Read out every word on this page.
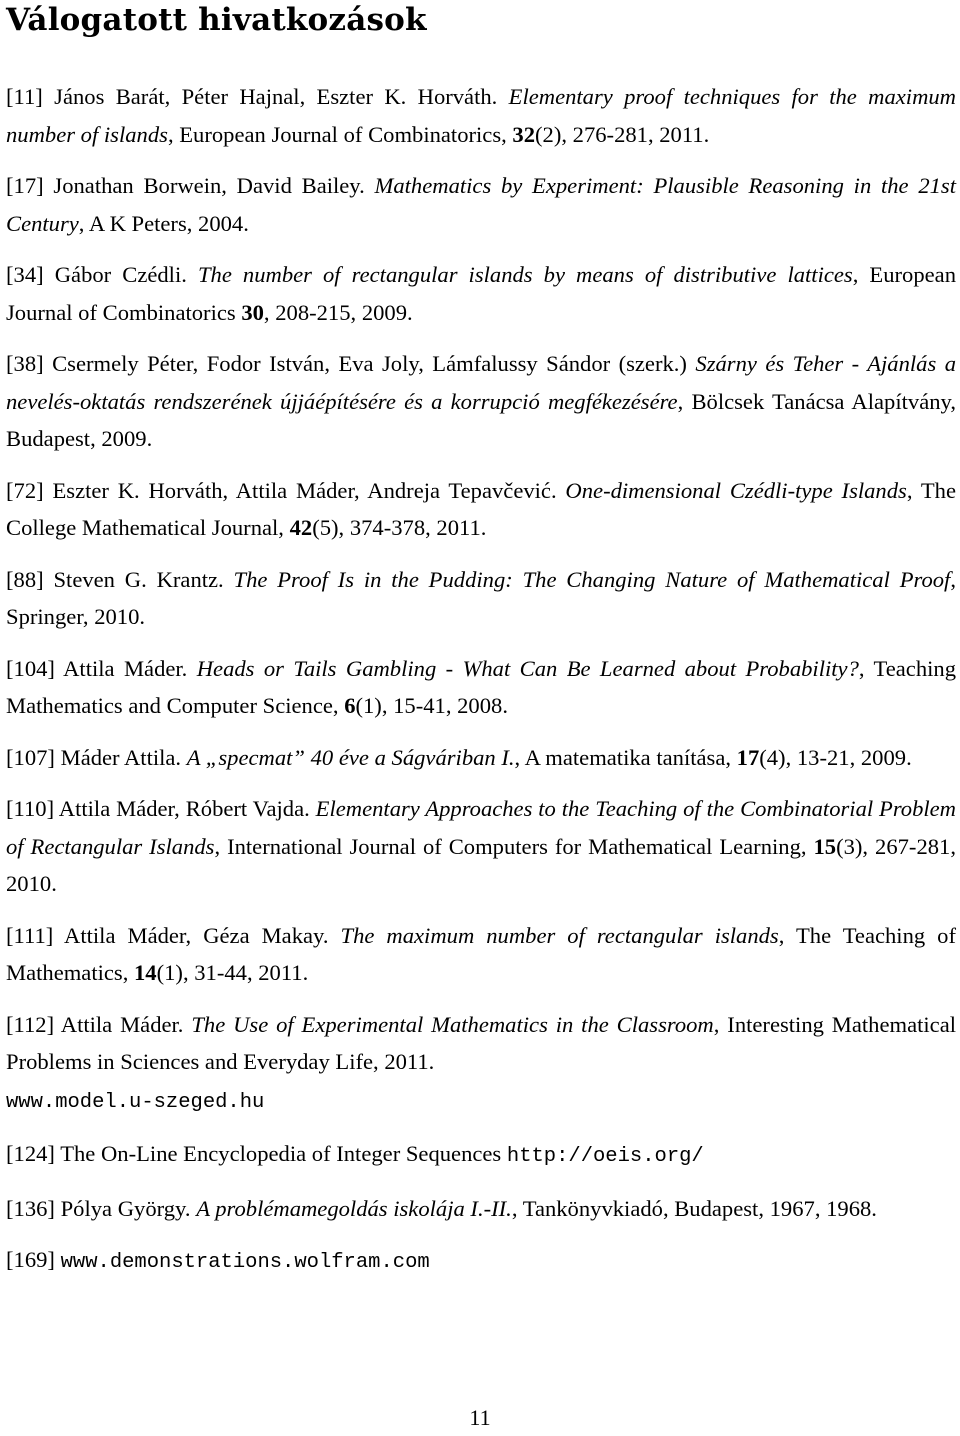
Válogatott hivatkozások

[11] János Barát, Péter Hajnal, Eszter K. Horváth. Elementary proof techniques for the maximum number of islands, European Journal of Combinatorics, 32(2), 276-281, 2011.

[17] Jonathan Borwein, David Bailey. Mathematics by Experiment: Plausible Reasoning in the 21st Century, A K Peters, 2004.

[34] Gábor Czédli. The number of rectangular islands by means of distributive lattices, European Journal of Combinatorics 30, 208-215, 2009.

[38] Csermely Péter, Fodor István, Eva Joly, Lámfalussy Sándor (szerk.) Szárny és Teher - Ajánlás a nevelés-oktatás rendszerének újjáépítésére és a korrupció megfékezésére, Bölcsek Tanácsa Alapítvány, Budapest, 2009.

[72] Eszter K. Horváth, Attila Máder, Andreja Tepavčević. One-dimensional Czédli-type Islands, The College Mathematical Journal, 42(5), 374-378, 2011.

[88] Steven G. Krantz. The Proof Is in the Pudding: The Changing Nature of Mathematical Proof, Springer, 2010.

[104] Attila Máder. Heads or Tails Gambling - What Can Be Learned about Probability?, Teaching Mathematics and Computer Science, 6(1), 15-41, 2008.

[107] Máder Attila. A „specmat” 40 éve a Ságváriban I., A matematika tanítása, 17(4), 13-21, 2009.

[110] Attila Máder, Róbert Vajda. Elementary Approaches to the Teaching of the Combinatorial Problem of Rectangular Islands, International Journal of Computers for Mathematical Learning, 15(3), 267-281, 2010.

[111] Attila Máder, Géza Makay. The maximum number of rectangular islands, The Teaching of Mathematics, 14(1), 31-44, 2011.

[112] Attila Máder. The Use of Experimental Mathematics in the Classroom, Interesting Mathematical Problems in Sciences and Everyday Life, 2011.
www.model.u-szeged.hu

[124] The On-Line Encyclopedia of Integer Sequences http://oeis.org/

[136] Pólya György. A problémamegoldás iskolája I.-II., Tankönyvkiadó, Budapest, 1967, 1968.

[169] www.demonstrations.wolfram.com

11
